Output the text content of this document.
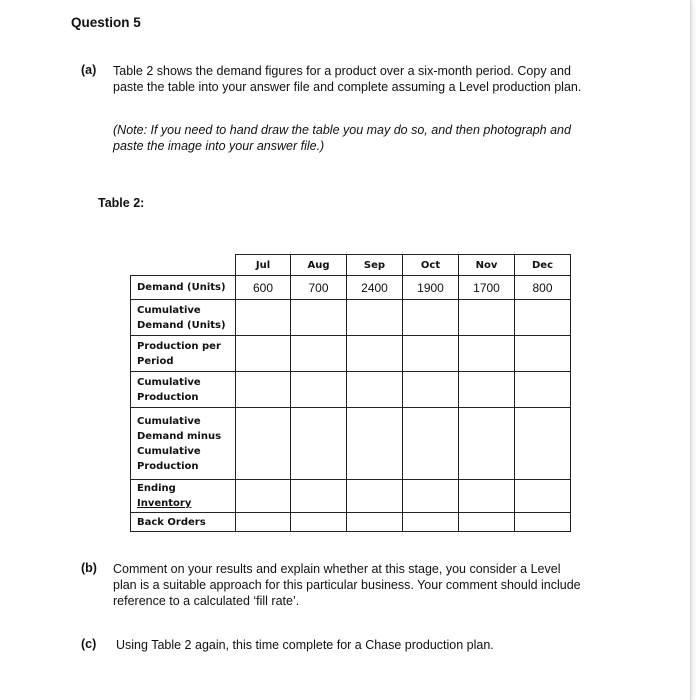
Question 5
(a) Table 2 shows the demand figures for a product over a six-month period. Copy and
paste the table into your answer file and complete assuming a Level production plan.
(Note: If you need to hand draw the table you may do so, and then photograph and
paste the image into your answer file.)
Table 2:
	Jul	Aug	Sep	Oct	Nov	Dec

Demand (Units)	600	700	2400	1900	1700	800

Cumulative
Demand (Units)						

Production per
Period						

Cumulative
Production						

Cumulative
Demand minus
Cumulative
Production						

Ending
Inventory						

Back Orders						

(b) Comment on your results and explain whether at this stage, you consider a Level
plan is a suitable approach for this particular business. Your comment should include
reference to a calculated ‘fill rate’.
(c) Using Table 2 again, this time complete for a Chase production plan.
